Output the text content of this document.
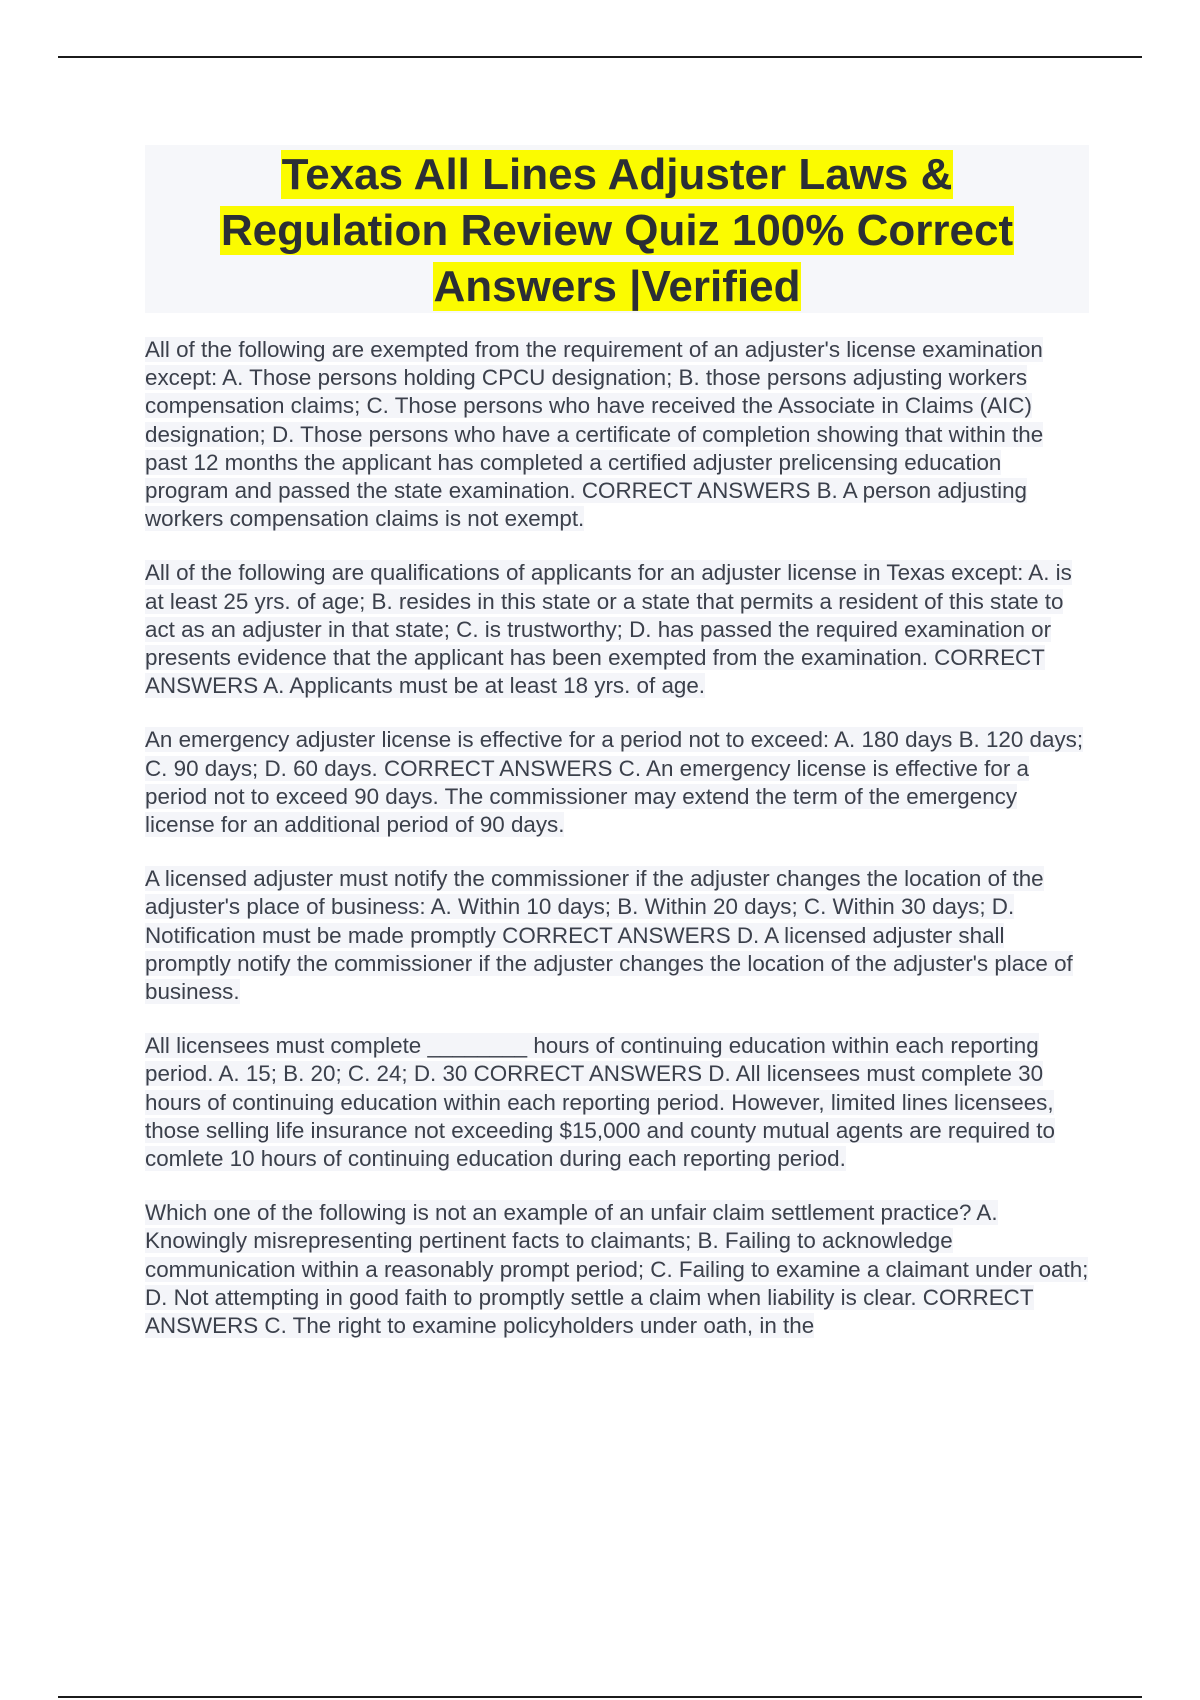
Texas All Lines Adjuster Laws &
Regulation Review Quiz 100% Correct
Answers |Verified

All of the following are exempted from the requirement of an adjuster's license examination except: A. Those persons holding CPCU designation; B. those persons adjusting workers compensation claims; C. Those persons who have received the Associate in Claims (AIC) designation; D. Those persons who have a certificate of completion showing that within the past 12 months the applicant has completed a certified adjuster prelicensing education program and passed the state examination. CORRECT ANSWERS B. A person adjusting workers compensation claims is not exempt.

All of the following are qualifications of applicants for an adjuster license in Texas except: A. is at least 25 yrs. of age; B. resides in this state or a state that permits a resident of this state to act as an adjuster in that state; C. is trustworthy; D. has passed the required examination or presents evidence that the applicant has been exempted from the examination. CORRECT ANSWERS A. Applicants must be at least 18 yrs. of age.

An emergency adjuster license is effective for a period not to exceed: A. 180 days B. 120 days; C. 90 days; D. 60 days. CORRECT ANSWERS C. An emergency license is effective for a period not to exceed 90 days. The commissioner may extend the term of the emergency license for an additional period of 90 days.

A licensed adjuster must notify the commissioner if the adjuster changes the location of the adjuster's place of business: A. Within 10 days; B. Within 20 days; C. Within 30 days; D. Notification must be made promptly CORRECT ANSWERS D. A licensed adjuster shall promptly notify the commissioner if the adjuster changes the location of the adjuster's place of business.

All licensees must complete ________ hours of continuing education within each reporting period. A. 15; B. 20; C. 24; D. 30 CORRECT ANSWERS D. All licensees must complete 30 hours of continuing education within each reporting period. However, limited lines licensees, those selling life insurance not exceeding $15,000 and county mutual agents are required to comlete 10 hours of continuing education during each reporting period.

Which one of the following is not an example of an unfair claim settlement practice? A. Knowingly misrepresenting pertinent facts to claimants; B. Failing to acknowledge communication within a reasonably prompt period; C. Failing to examine a claimant under oath; D. Not attempting in good faith to promptly settle a claim when liability is clear. CORRECT ANSWERS C. The right to examine policyholders under oath, in the
